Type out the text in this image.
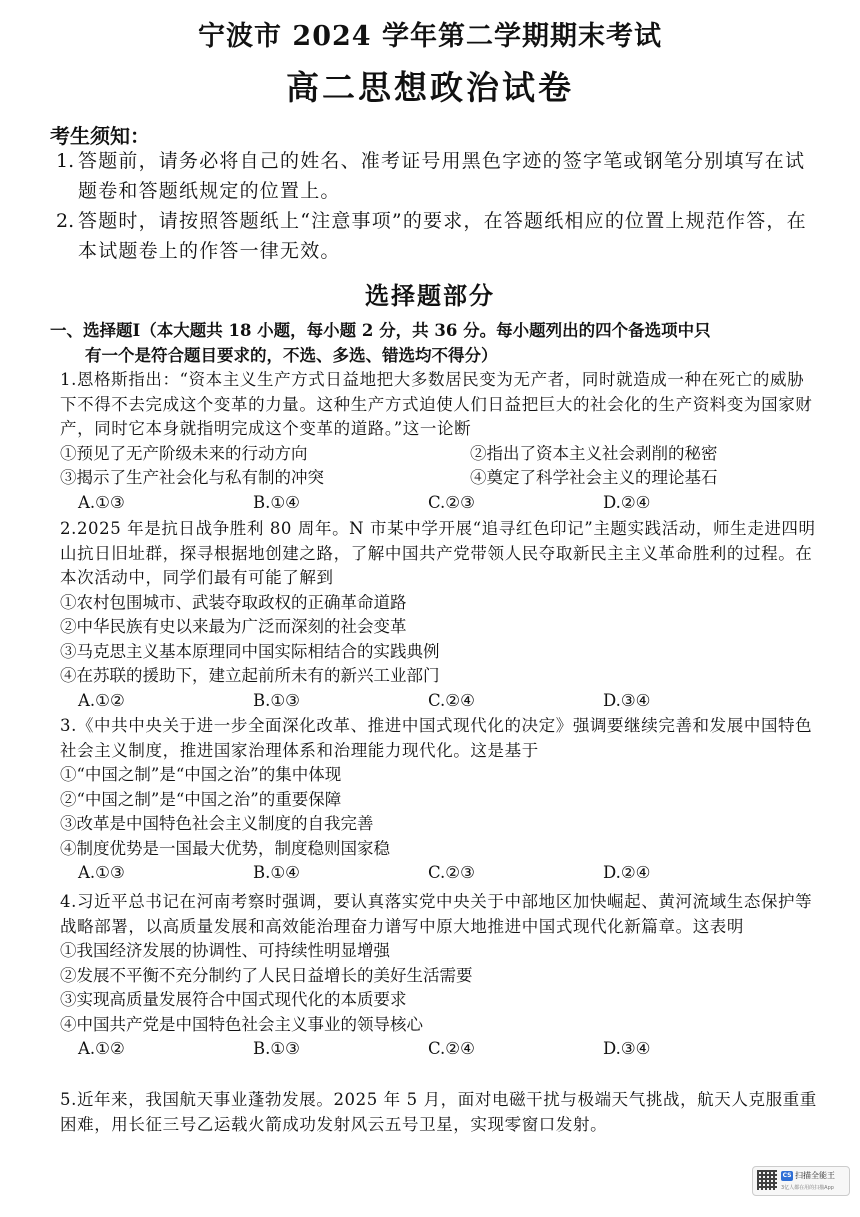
宁波市 2024 学年第二学期期末考试
高二思想政治试卷
考生须知：
1. 答题前，请务必将自己的姓名、准考证号用黑色字迹的签字笔或钢笔分别填写在试题卷和答题纸规定的位置上。
2. 答题时，请按照答题纸上“注意事项”的要求，在答题纸相应的位置上规范作答，在本试题卷上的作答一律无效。
选择题部分
一、选择题Ⅰ（本大题共 18 小题，每小题 2 分，共 36 分。每小题列出的四个备选项中只
有一个是符合题目要求的，不选、多选、错选均不得分）
1.恩格斯指出：“资本主义生产方式日益地把大多数居民变为无产者，同时就造成一种在死亡的威胁下不得不去完成这个变革的力量。这种生产方式迫使人们日益把巨大的社会化的生产资料变为国家财产，同时它本身就指明完成这个变革的道路。”这一论断
①预见了无产阶级未来的行动方向	②指出了资本主义社会剥削的秘密
③揭示了生产社会化与私有制的冲突	④奠定了科学社会主义的理论基石
A.①③	B.①④	C.②③	D.②④
2.2025 年是抗日战争胜利 80 周年。N 市某中学开展“追寻红色印记”主题实践活动，师生走进四明山抗日旧址群，探寻根据地创建之路，了解中国共产党带领人民夺取新民主主义革命胜利的过程。在本次活动中，同学们最有可能了解到
①农村包围城市、武装夺取政权的正确革命道路
②中华民族有史以来最为广泛而深刻的社会变革
③马克思主义基本原理同中国实际相结合的实践典例
④在苏联的援助下，建立起前所未有的新兴工业部门
A.①②	B.①③	C.②④	D.③④
3.《中共中央关于进一步全面深化改革、推进中国式现代化的决定》强调要继续完善和发展中国特色社会主义制度，推进国家治理体系和治理能力现代化。这是基于
①“中国之制”是“中国之治”的集中体现
②“中国之制”是“中国之治”的重要保障
③改革是中国特色社会主义制度的自我完善
④制度优势是一国最大优势，制度稳则国家稳
A.①③	B.①④	C.②③	D.②④
4.习近平总书记在河南考察时强调，要认真落实党中央关于中部地区加快崛起、黄河流域生态保护等战略部署，以高质量发展和高效能治理奋力谱写中原大地推进中国式现代化新篇章。这表明
①我国经济发展的协调性、可持续性明显增强
②发展不平衡不充分制约了人民日益增长的美好生活需要
③实现高质量发展符合中国式现代化的本质要求
④中国共产党是中国特色社会主义事业的领导核心
A.①②	B.①③	C.②④	D.③④
5.近年来，我国航天事业蓬勃发展。2025 年 5 月，面对电磁干扰与极端天气挑战，航天人克服重重困难，用长征三号乙运载火箭成功发射风云五号卫星，实现零窗口发射。
CS 扫描全能王
3亿人都在用的扫描App
